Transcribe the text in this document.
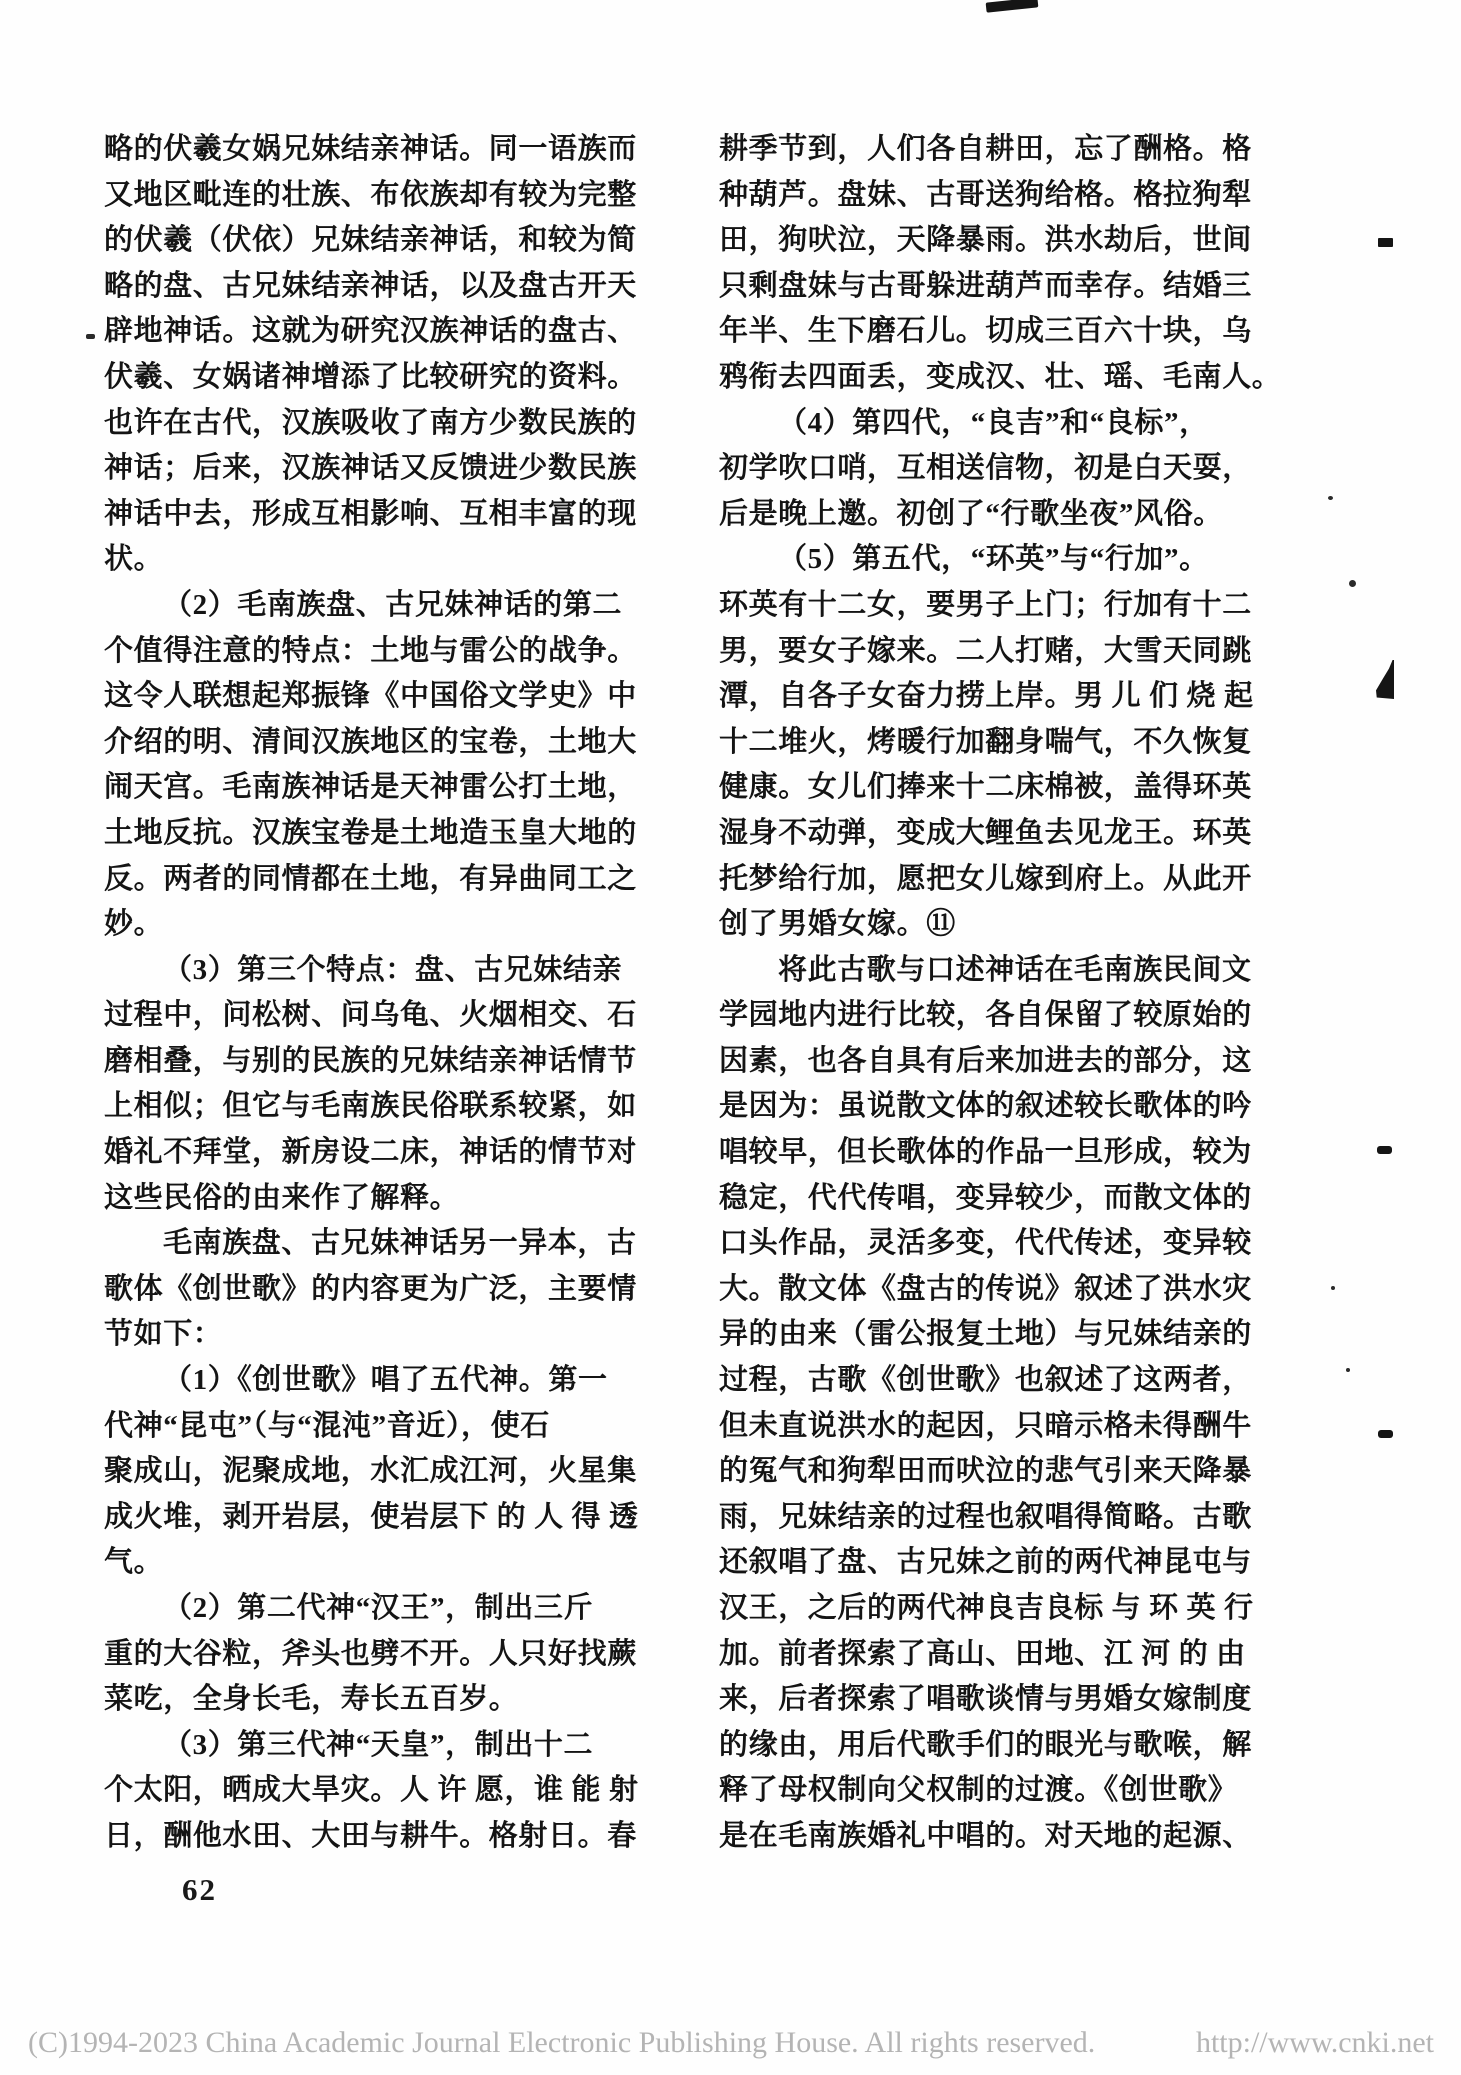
略的伏羲女娲兄妹结亲神话。同一语族而
又地区毗连的壮族、布依族却有较为完整
的伏羲（伏依）兄妹结亲神话，和较为简
略的盘、古兄妹结亲神话，以及盘古开天
辟地神话。这就为研究汉族神话的盘古、
伏羲、女娲诸神增添了比较研究的资料。
也许在古代，汉族吸收了南方少数民族的
神话；后来，汉族神话又反馈进少数民族
神话中去，形成互相影响、互相丰富的现
状。
（2）毛南族盘、古兄妹神话的第二
个值得注意的特点：土地与雷公的战争。
这令人联想起郑振锋《中国俗文学史》中
介绍的明、清间汉族地区的宝卷，土地大
闹天宫。毛南族神话是天神雷公打土地，
土地反抗。汉族宝卷是土地造玉皇大地的
反。两者的同情都在土地，有异曲同工之
妙。
（3）第三个特点：盘、古兄妹结亲
过程中，问松树、问乌龟、火烟相交、石
磨相叠，与别的民族的兄妹结亲神话情节
上相似；但它与毛南族民俗联系较紧，如
婚礼不拜堂，新房设二床，神话的情节对
这些民俗的由来作了解释。
毛南族盘、古兄妹神话另一异本，古
歌体《创世歌》的内容更为广泛，主要情
节如下：
（1）《创世歌》唱了五代神。第一
代神“昆屯”（与“混沌”音近），使石
聚成山，泥聚成地，水汇成江河，火星集
成火堆，剥开岩层，使岩层下 的 人 得 透
气。
（2）第二代神“汉王”，制出三斤
重的大谷粒，斧头也劈不开。人只好找蕨
菜吃，全身长毛，寿长五百岁。
（3）第三代神“天皇”，制出十二
个太阳，晒成大旱灾。人 许 愿，谁 能 射
日，酬他水田、大田与耕牛。格射日。春
耕季节到，人们各自耕田，忘了酬格。格
种葫芦。盘妹、古哥送狗给格。格拉狗犁
田，狗吠泣，天降暴雨。洪水劫后，世间
只剩盘妹与古哥躲进葫芦而幸存。结婚三
年半、生下磨石儿。切成三百六十块，乌
鸦衔去四面丢，变成汉、壮、瑶、毛南人。
（4）第四代，“良吉”和“良标”，
初学吹口哨，互相送信物，初是白天耍，
后是晚上邀。初创了“行歌坐夜”风俗。
（5）第五代，“环英”与“行加”。
环英有十二女，要男子上门；行加有十二
男，要女子嫁来。二人打赌，大雪天同跳
潭，自各子女奋力捞上岸。男 儿 们 烧 起
十二堆火，烤暖行加翻身喘气，不久恢复
健康。女儿们捧来十二床棉被，盖得环英
湿身不动弹，变成大鲤鱼去见龙王。环英
托梦给行加，愿把女儿嫁到府上。从此开
创了男婚女嫁。⑪
将此古歌与口述神话在毛南族民间文
学园地内进行比较，各自保留了较原始的
因素，也各自具有后来加进去的部分，这
是因为：虽说散文体的叙述较长歌体的吟
唱较早，但长歌体的作品一旦形成，较为
稳定，代代传唱，变异较少，而散文体的
口头作品，灵活多变，代代传述，变异较
大。散文体《盘古的传说》叙述了洪水灾
异的由来（雷公报复土地）与兄妹结亲的
过程，古歌《创世歌》也叙述了这两者，
但未直说洪水的起因，只暗示格未得酬牛
的冤气和狗犁田而吠泣的悲气引来天降暴
雨，兄妹结亲的过程也叙唱得简略。古歌
还叙唱了盘、古兄妹之前的两代神昆屯与
汉王，之后的两代神良吉良标 与 环 英 行
加。前者探索了高山、田地、江 河 的 由
来，后者探索了唱歌谈情与男婚女嫁制度
的缘由，用后代歌手们的眼光与歌喉，解
释了母权制向父权制的过渡。《创世歌》
是在毛南族婚礼中唱的。对天地的起源、
62
(C)1994-2023 China Academic Journal Electronic Publishing House. All rights reserved.	http://www.cnki.net
